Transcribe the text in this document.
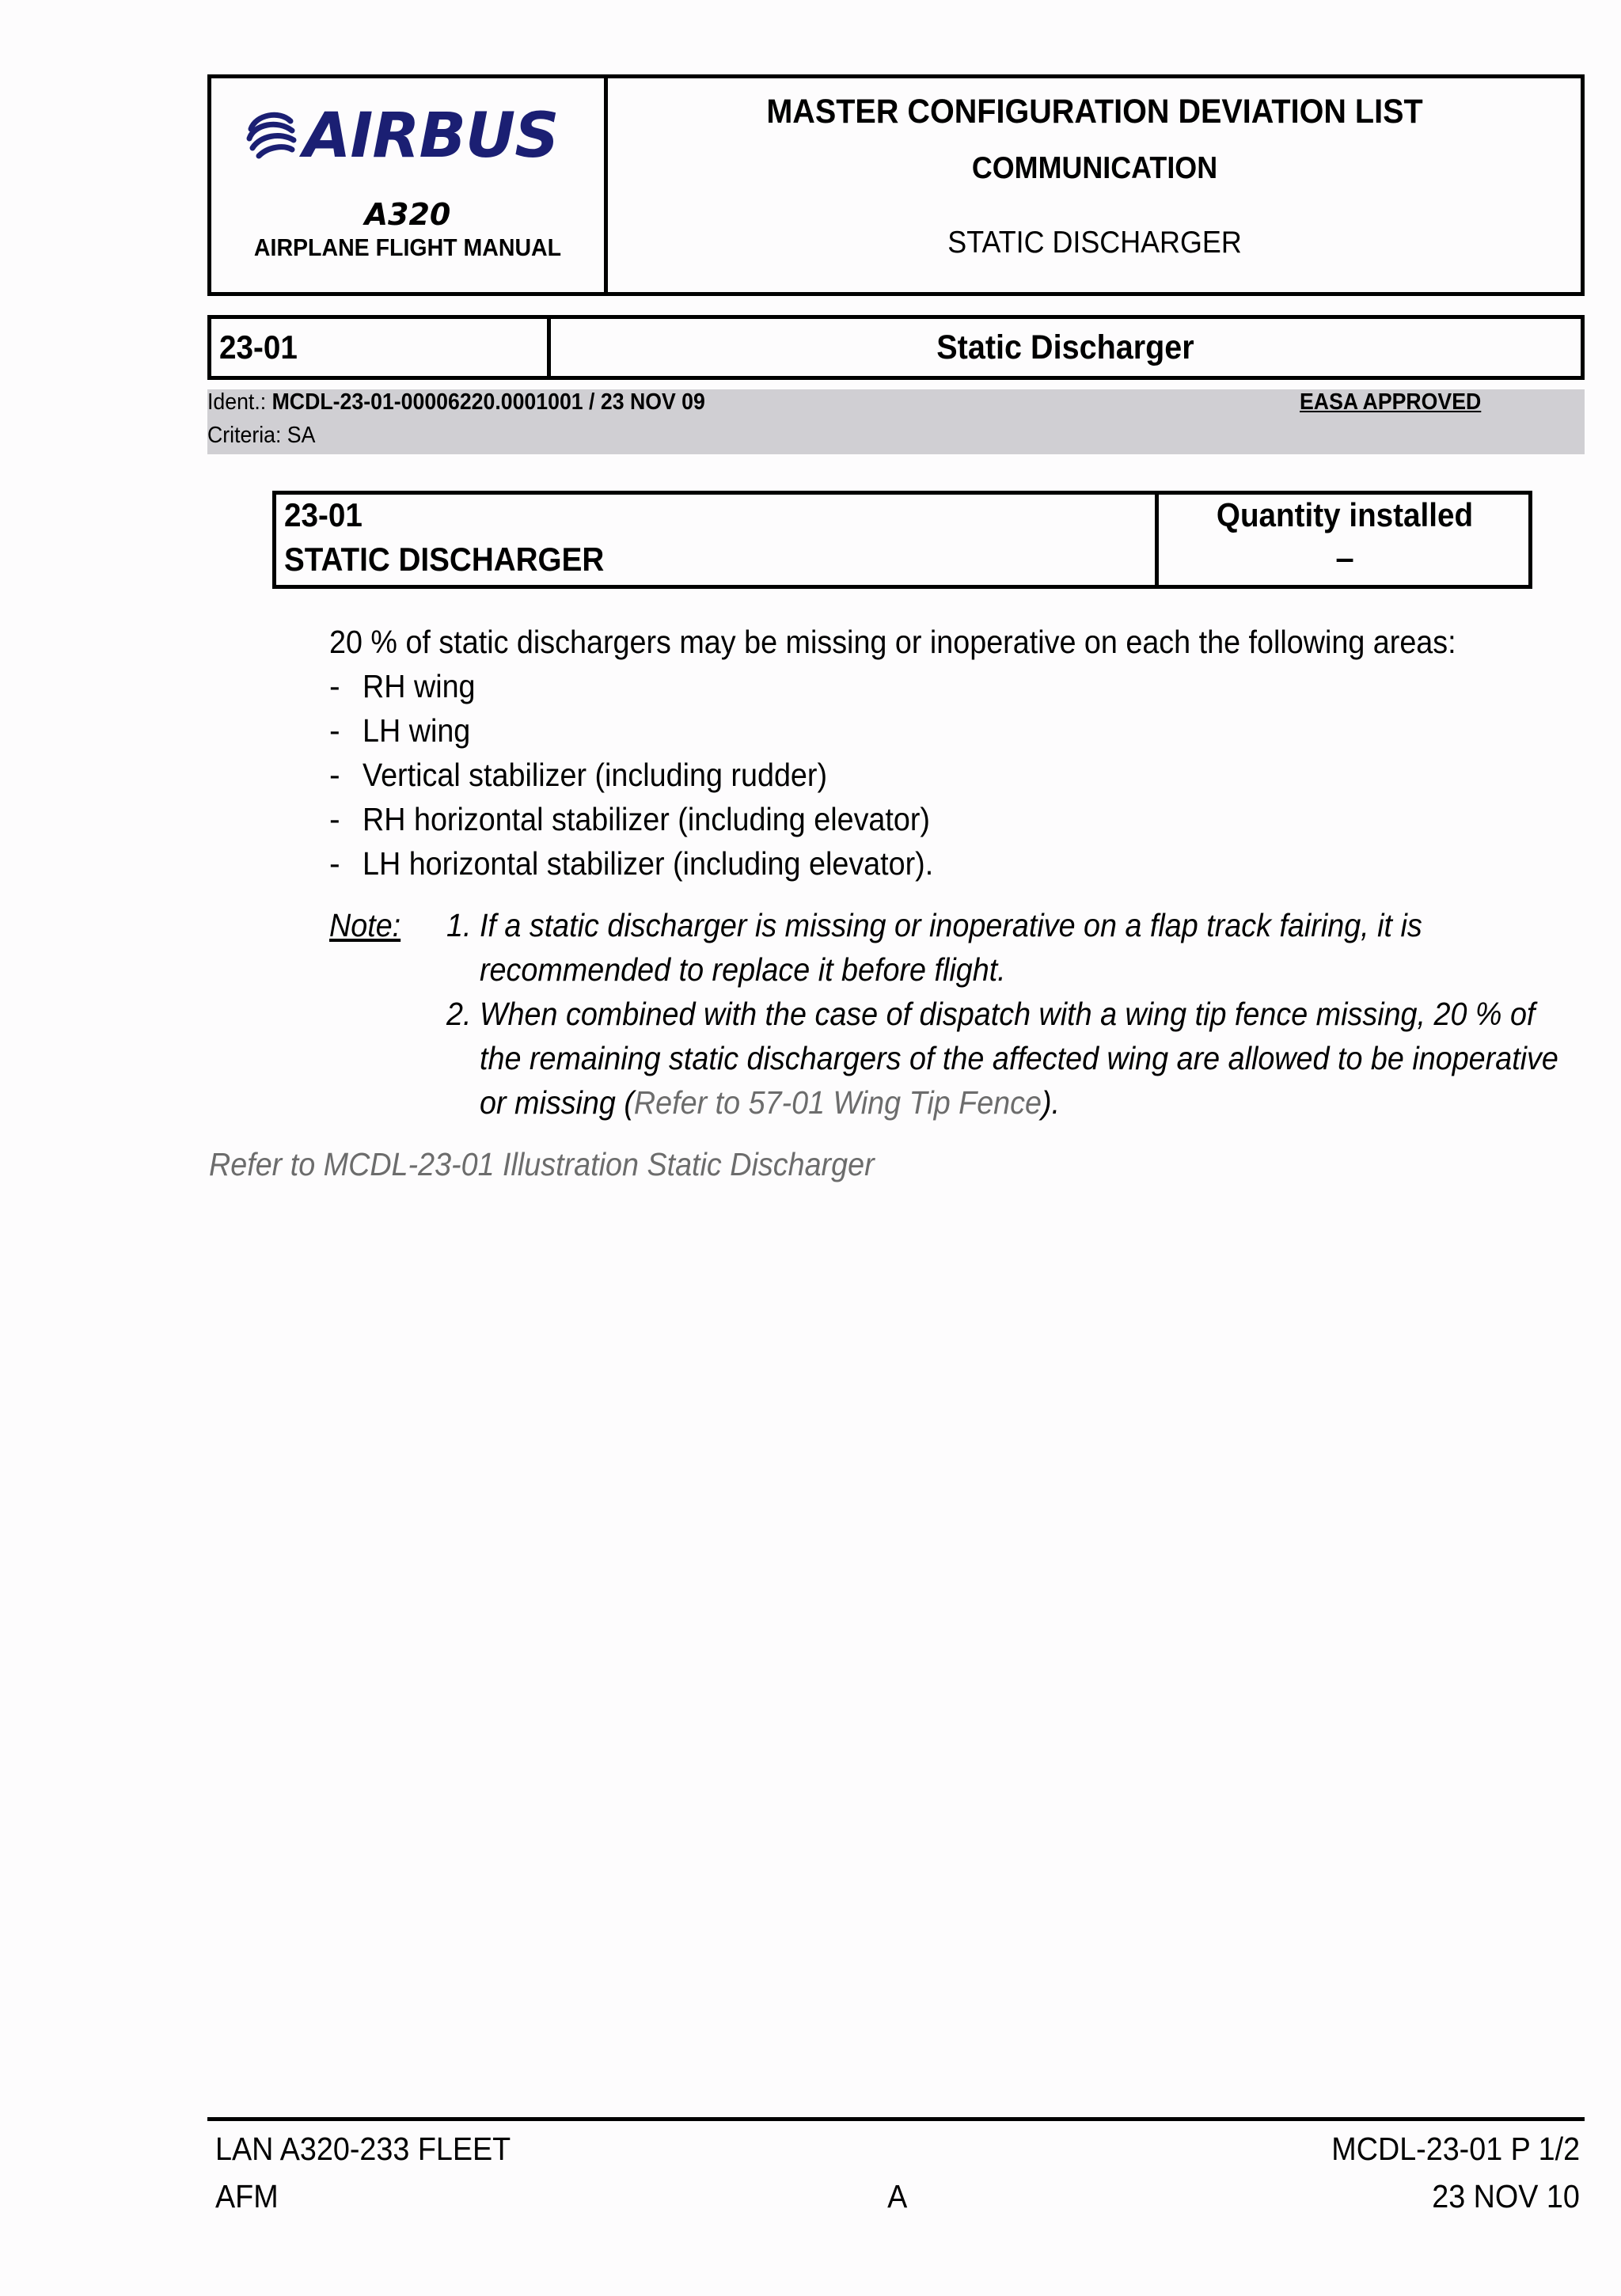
AIRBUS
A320
AIRPLANE FLIGHT MANUAL
MASTER CONFIGURATION DEVIATION LIST
COMMUNICATION
STATIC DISCHARGER
23-01	Static Discharger
Ident.: MCDL-23-01-00006220.0001001 / 23 NOV 09
Criteria: SA
EASA APPROVED
23-01
STATIC DISCHARGER
Quantity installed
–
20 % of static dischargers may be missing or inoperative on each the following areas:
- RH wing
- LH wing
- Vertical stabilizer (including rudder)
- RH horizontal stabilizer (including elevator)
- LH horizontal stabilizer (including elevator).
Note: 1. If a static discharger is missing or inoperative on a flap track fairing, it is
recommended to replace it before flight.
2. When combined with the case of dispatch with a wing tip fence missing, 20 % of
the remaining static dischargers of the affected wing are allowed to be inoperative
or missing (Refer to 57-01 Wing Tip Fence).
Refer to MCDL-23-01 Illustration Static Discharger
LAN A320-233 FLEET	MCDL-23-01 P 1/2
AFM	A	23 NOV 10
